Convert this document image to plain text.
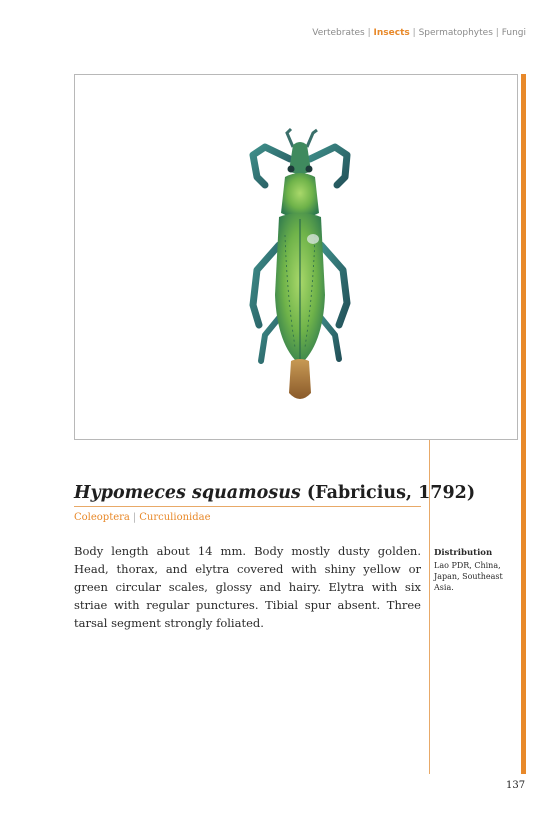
Vertebrates | Insects | Spermatophytes | Fungi
Hypomeces squamosus (Fabricius, 1792)
Coleoptera | Curculionidae

Body length about 14 mm. Body mostly dusty golden. Head, thorax, and elytra covered with shiny yellow or green circular scales, glossy and hairy. Elytra with six striae with regular punctures. Tibial spur absent. Three tarsal segment strongly foliated.

Distribution
Lao PDR, China, Japan, Southeast Asia.
137
